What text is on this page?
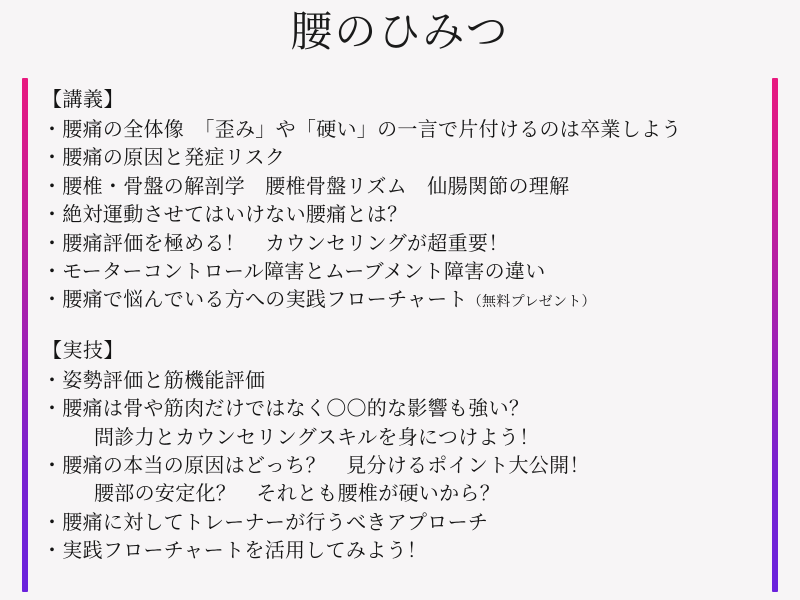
腰のひみつ
【講義】
・腰痛の全体像　「歪み」や「硬い」の一言で片付けるのは卒業しよう
・腰痛の原因と発症リスク
・腰椎・骨盤の解剖学　腰椎骨盤リズム　仙腸関節の理解
・絶対運動させてはいけない腰痛とは？
・腰痛評価を極める！　カウンセリングが超重要！
・モーターコントロール障害とムーブメント障害の違い
・腰痛で悩んでいる方への実践フローチャート（無料プレゼント）
【実技】
・姿勢評価と筋機能評価
・腰痛は骨や筋肉だけではなく〇〇的な影響も強い？
問診力とカウンセリングスキルを身につけよう！
・腰痛の本当の原因はどっち？　見分けるポイント大公開！
腰部の安定化？　それとも腰椎が硬いから？
・腰痛に対してトレーナーが行うべきアプローチ
・実践フローチャートを活用してみよう！
